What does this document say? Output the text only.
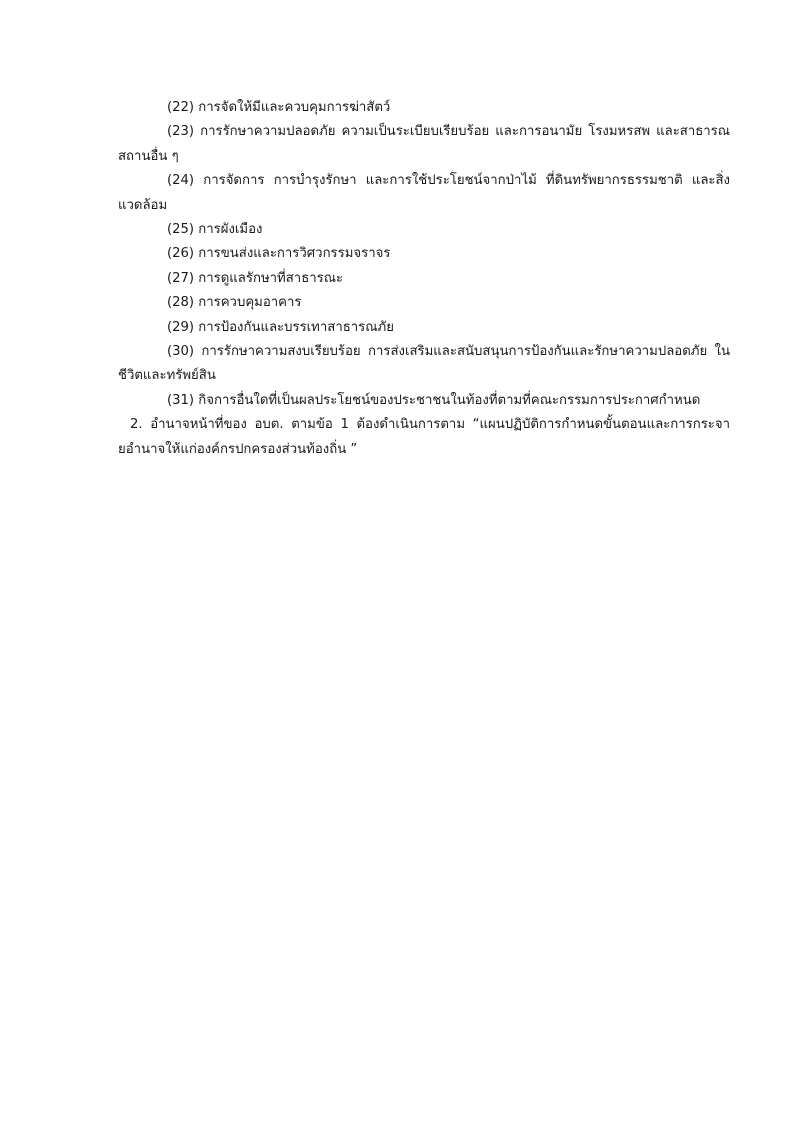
(22) การจัดให้มีและควบคุมการฆ่าสัตว์

(23) การรักษาความปลอดภัย ความเป็นระเบียบเรียบร้อย และการอนามัย โรงมหรสพ และสาธารณสถานอื่น ๆ

(24) การจัดการ การบำรุงรักษา และการใช้ประโยชน์จากป่าไม้ ที่ดินทรัพยากรธรรมชาติ และสิ่งแวดล้อม

(25) การผังเมือง

(26) การขนส่งและการวิศวกรรมจราจร

(27) การดูแลรักษาที่สาธารณะ

(28) การควบคุมอาคาร

(29) การป้องกันและบรรเทาสาธารณภัย

(30) การรักษาความสงบเรียบร้อย การส่งเสริมและสนับสนุนการป้องกันและรักษาความปลอดภัย ในชีวิตและทรัพย์สิน

(31) กิจการอื่นใดที่เป็นผลประโยชน์ของประชาชนในท้องที่ตามที่คณะกรรมการประกาศกำหนด

2. อำนาจหน้าที่ของ อบต. ตามข้อ 1 ต้องดำเนินการตาม “แผนปฏิบัติการกำหนดขั้นตอนและการกระจายอำนาจให้แก่องค์กรปกครองส่วนท้องถิ่น ”
